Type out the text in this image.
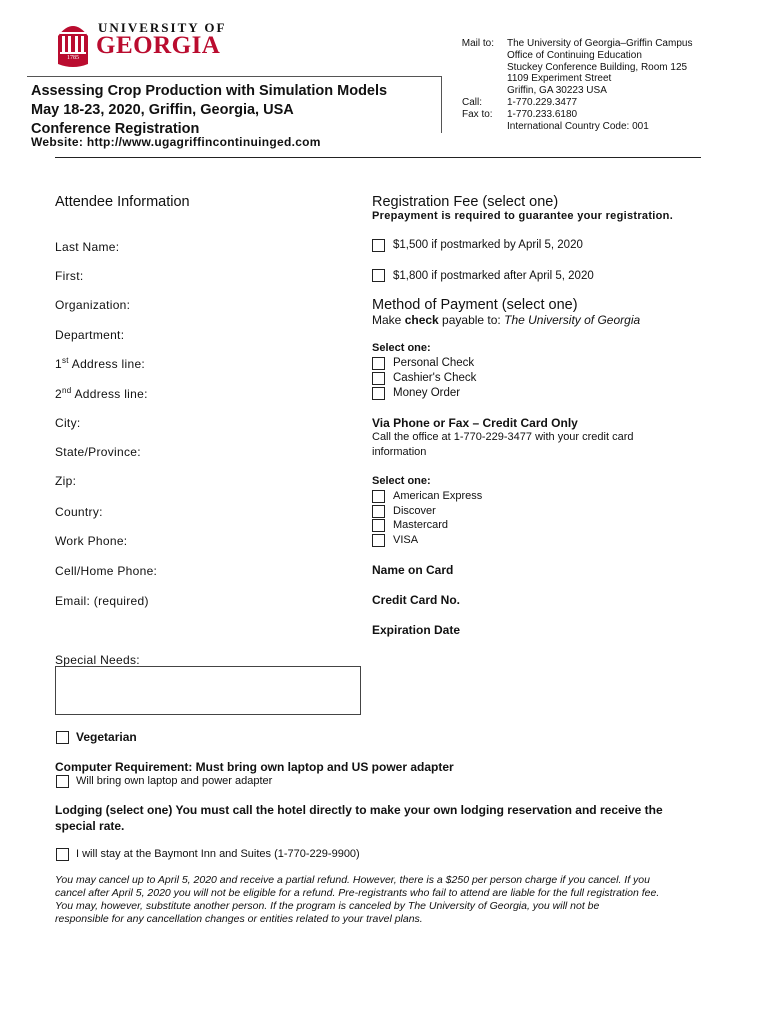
1785
UNIVERSITY OF
GEORGIA	Mail to: The University of Georgia–Griffin Campus
Office of Continuing Education
Stuckey Conference Building, Room 125
1109 Experiment Street
Griffin, GA 30223 USA
1-770.229.3477
1-770.233.6180
International Country Code: 001
Call:
Fax to:
Assessing Crop Production with Simulation Models
May 18-23, 2020, Griffin, Georgia, USA
Conference Registration
Website: http://www.ugagriffincontinuinged.com
Attendee Information
Last Name:
First:
Organization:
Department:
1st Address line:
2nd Address line:
City:
State/Province:
Zip:
Country:
Work Phone:
Cell/Home Phone:
Email: (required)
Registration Fee (select one)
Prepayment is required to guarantee your registration.
$1,500 if postmarked by April 5, 2020
$1,800 if postmarked after April 5, 2020
Method of Payment (select one)
Make check payable to: The University of Georgia
Select one:
Personal Check
Cashier's Check
Money Order
Via Phone or Fax – Credit Card Only
Call the office at 1-770-229-3477 with your credit card
information
Select one:
American Express
Discover
Mastercard
VISA
Name on Card
Credit Card No.
Expiration Date
Special Needs:
Vegetarian
Computer Requirement: Must bring own laptop and US power adapter
Will bring own laptop and power adapter
Lodging (select one) You must call the hotel directly to make your own lodging reservation and receive the
special rate.
I will stay at the Baymont Inn and Suites (1-770-229-9900)
You may cancel up to April 5, 2020 and receive a partial refund. However, there is a $250 per person charge if you cancel. If you
cancel after April 5, 2020 you will not be eligible for a refund. Pre-registrants who fail to attend are liable for the full registration fee.
You may, however, substitute another person. If the program is canceled by The University of Georgia, you will not be
responsible for any cancellation changes or entities related to your travel plans.
